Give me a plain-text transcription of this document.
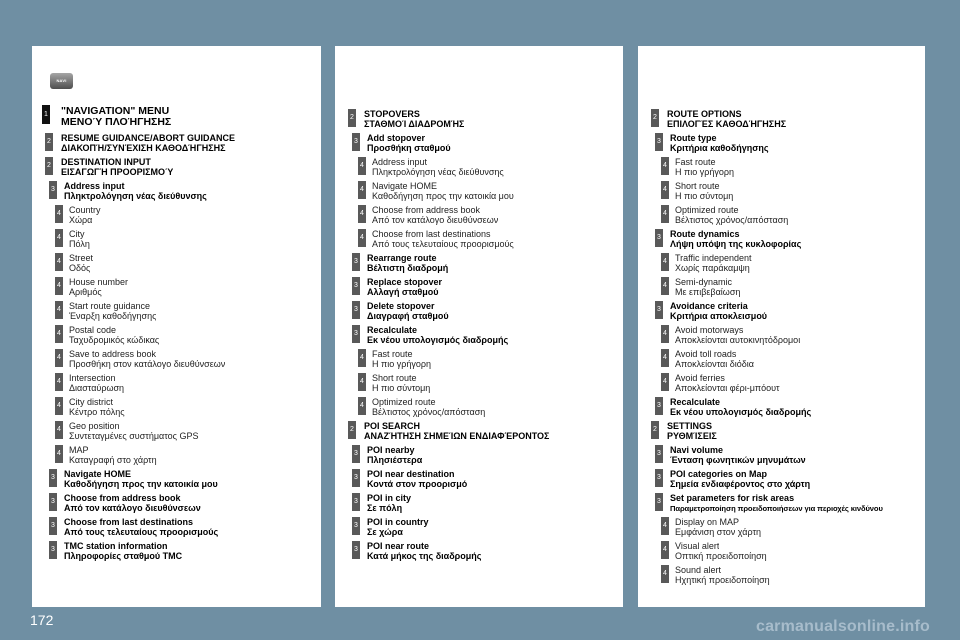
NAVI
1 "NAVIGATION" MENU
ΜΕΝΟΎ ΠΛΟΉΓΗΣΗΣ
2 RESUME GUIDANCE/ABORT GUIDANCE
ΔΙΑΚΟΠΉ/ΣΥΝΈΧΙΣΗ ΚΑΘΟΔΉΓΗΣΗΣ
2 DESTINATION INPUT
ΕΙΣΑΓΩΓΉ ΠΡΟΟΡΙΣΜΟΎ
3 Address input
Πληκτρολόγηση νέας διεύθυνσης
4 Country
Χώρα
4 City
Πόλη
4 Street
Οδός
4 House number
Αριθμός
4 Start route guidance
Έναρξη καθοδήγησης
4 Postal code
Ταχυδρομικός κώδικας
4 Save to address book
Προσθήκη στον κατάλογο διευθύνσεων
4 Intersection
Διασταύρωση
4 City district
Κέντρο πόλης
4 Geo position
Συντεταγμένες συστήματος GPS
4 MAP
Καταγραφή στο χάρτη
3 Navigate HOME
Καθοδήγηση προς την κατοικία μου
3 Choose from address book
Από τον κατάλογο διευθύνσεων
3 Choose from last destinations
Από τους τελευταίους προορισμούς
3 TMC station information
Πληροφορίες σταθμού TMC
2 STOPOVERS
ΣΤΑΘΜΟΊ ΔΙΑΔΡΟΜΉΣ
3 Add stopover
Προσθήκη σταθμού
4 Address input
Πληκτρολόγηση νέας διεύθυνσης
4 Navigate HOME
Καθοδήγηση προς την κατοικία μου
4 Choose from address book
Από τον κατάλογο διευθύνσεων
4 Choose from last destinations
Από τους τελευταίους προορισμούς
3 Rearrange route
Βέλτιστη διαδρομή
3 Replace stopover
Αλλαγή σταθμού
3 Delete stopover
Διαγραφή σταθμού
3 Recalculate
Εκ νέου υπολογισμός διαδρομής
4 Fast route
Η πιο γρήγορη
4 Short route
Η πιο σύντομη
4 Optimized route
Βέλτιστος χρόνος/απόσταση
2 POI SEARCH
ΑΝΑΖΉΤΗΣΗ ΣΗΜΕΊΩΝ ΕΝΔΙΑΦΈΡΟΝΤΟΣ
3 POI nearby
Πλησιέστερα
3 POI near destination
Κοντά στον προορισμό
3 POI in city
Σε πόλη
3 POI in country
Σε χώρα
3 POI near route
Κατά μήκος της διαδρομής
2 ROUTE OPTIONS
ΕΠΙΛΟΓΈΣ ΚΑΘΟΔΉΓΗΣΗΣ
3 Route type
Κριτήρια καθοδήγησης
4 Fast route
Η πιο γρήγορη
4 Short route
Η πιο σύντομη
4 Optimized route
Βέλτιστος χρόνος/απόσταση
3 Route dynamics
Λήψη υπόψη της κυκλοφορίας
4 Traffic independent
Χωρίς παράκαμψη
4 Semi-dynamic
Με επιβεβαίωση
3 Avoidance criteria
Κριτήρια αποκλεισμού
4 Avoid motorways
Αποκλείονται αυτοκινητόδρομοι
4 Avoid toll roads
Αποκλείονται διόδια
4 Avoid ferries
Αποκλείονται φέρι-μπόουτ
3 Recalculate
Εκ νέου υπολογισμός διαδρομής
2 SETTINGS
ΡΥΘΜΊΣΕΙΣ
3 Navi volume
Ένταση φωνητικών μηνυμάτων
3 POI categories on Map
Σημεία ενδιαφέροντος στο χάρτη
3 Set parameters for risk areas
Παραμετροποίηση προειδοποιήσεων για περιοχές κινδύνου
4 Display on MAP
Εμφάνιση στον χάρτη
4 Visual alert
Οπτική προειδοποίηση
4 Sound alert
Ηχητική προειδοποίηση
172	carmanualsonline.info
